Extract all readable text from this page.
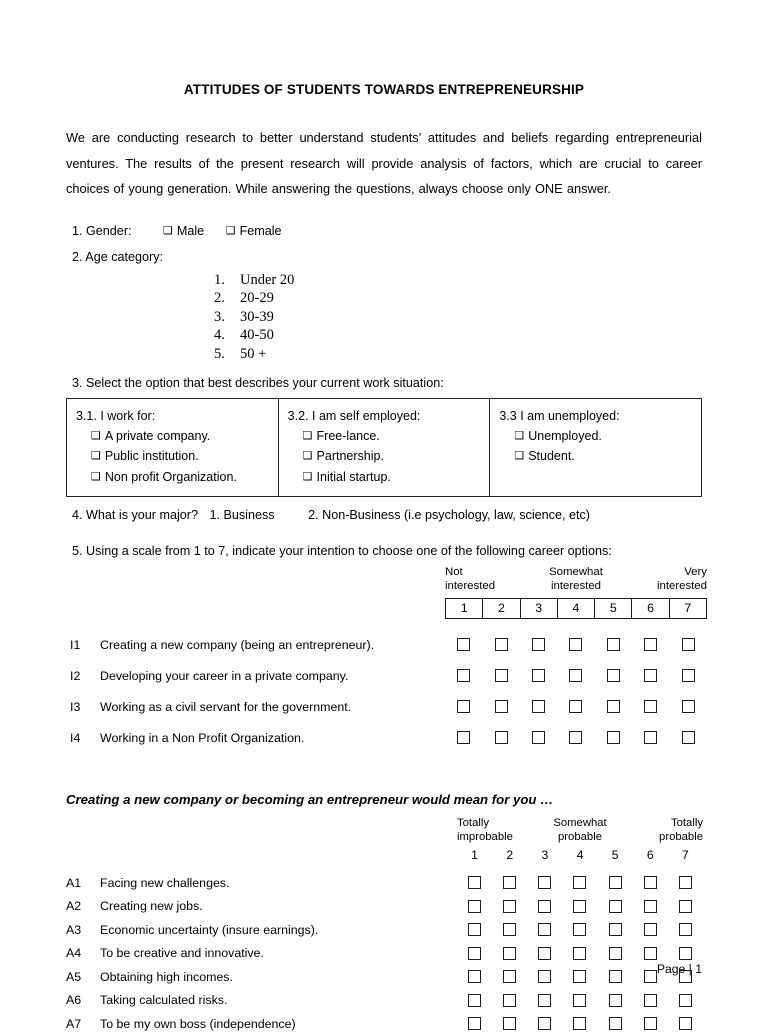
ATTITUDES OF STUDENTS TOWARDS ENTREPRENEURSHIP

We are conducting research to better understand students’ attitudes and beliefs regarding entrepreneurial ventures. The results of the present research will provide analysis of factors, which are crucial to career choices of young generation. While answering the questions, always choose only ONE answer.

1. Gender:	❑ Male ❑ Female
2. Age category:
1. Under 20
2. 20-29
3. 30-39
4. 40-50
5. 50 +
3. Select the option that best describes your current work situation:
3.1. I work for:
❑ A private company.
❑ Public institution.
❑ Non profit Organization.
3.2. I am self employed:
❑ Free-lance.
❑ Partnership.
❑ Initial startup.
3.3 I am unemployed:
❑ Unemployed.
❑ Student.
4. What is your major? 1. Business	2. Non-Business (i.e psychology, law, science, etc)
5. Using a scale from 1 to 7, indicate your intention to choose one of the following career options:
Not
interested
Somewhat
interested
Very
interested
1	2	3	4	5	6	7
I1	Creating a new company (being an entrepreneur).
I2	Developing your career in a private company.
I3	Working as a civil servant for the government.
I4	Working in a Non Profit Organization.
Creating a new company or becoming an entrepreneur would mean for you …
Totally
improbable
Somewhat
probable
Totally
probable
1	2	3	4	5	6	7
A1	Facing new challenges.
A2	Creating new jobs.
A3	Economic uncertainty (insure earnings).
A4	To be creative and innovative.
A5	Obtaining high incomes.
A6	Taking calculated risks.
A7	To be my own boss (independence)
Page | 1
